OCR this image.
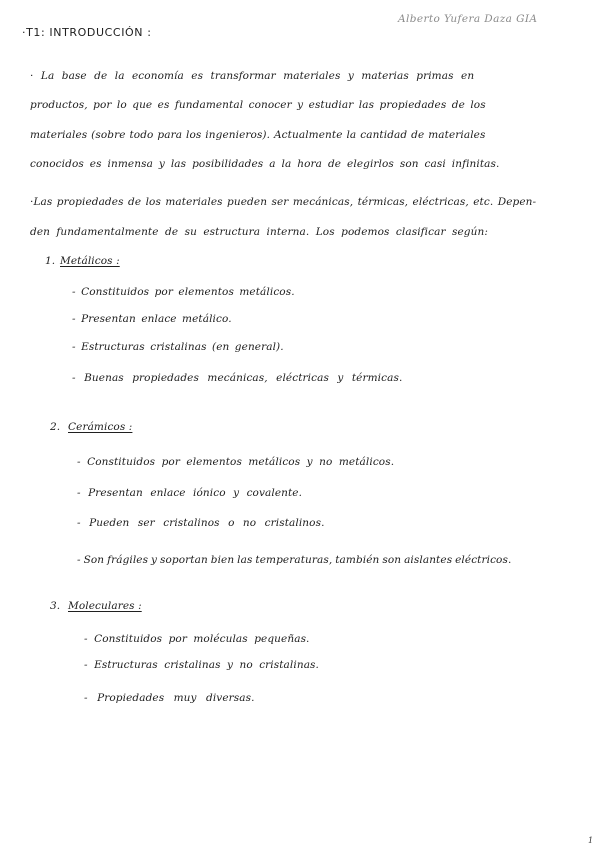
·T1: INTRODUCCIÓN :
Alberto Yufera Daza GIA
· La base de la economía es transformar materiales y materias primas en
productos, por lo que es fundamental conocer y estudiar las propiedades de los
materiales (sobre todo para los ingenieros). Actualmente la cantidad de materiales
conocidos es inmensa y las posibilidades a la hora de elegirlos son casi infinitas.
·Las propiedades de los materiales pueden ser mecánicas, térmicas, eléctricas, etc. Depen-
den fundamentalmente de su estructura interna. Los podemos clasificar según:
1. Metálicos :
- Constituidos por elementos metálicos.
- Presentan enlace metálico.
- Estructuras cristalinas (en general).
- Buenas propiedades mecánicas, eléctricas y térmicas.
2. Cerámicos :
- Constituidos por elementos metálicos y no metálicos.
- Presentan enlace iónico y covalente.
- Pueden ser cristalinos o no cristalinos.
- Son frágiles y soportan bien las temperaturas, también son aislantes eléctricos.
3. Moleculares :
- Constituidos por moléculas pequeñas.
- Estructuras cristalinas y no cristalinas.
- Propiedades muy diversas.
1
